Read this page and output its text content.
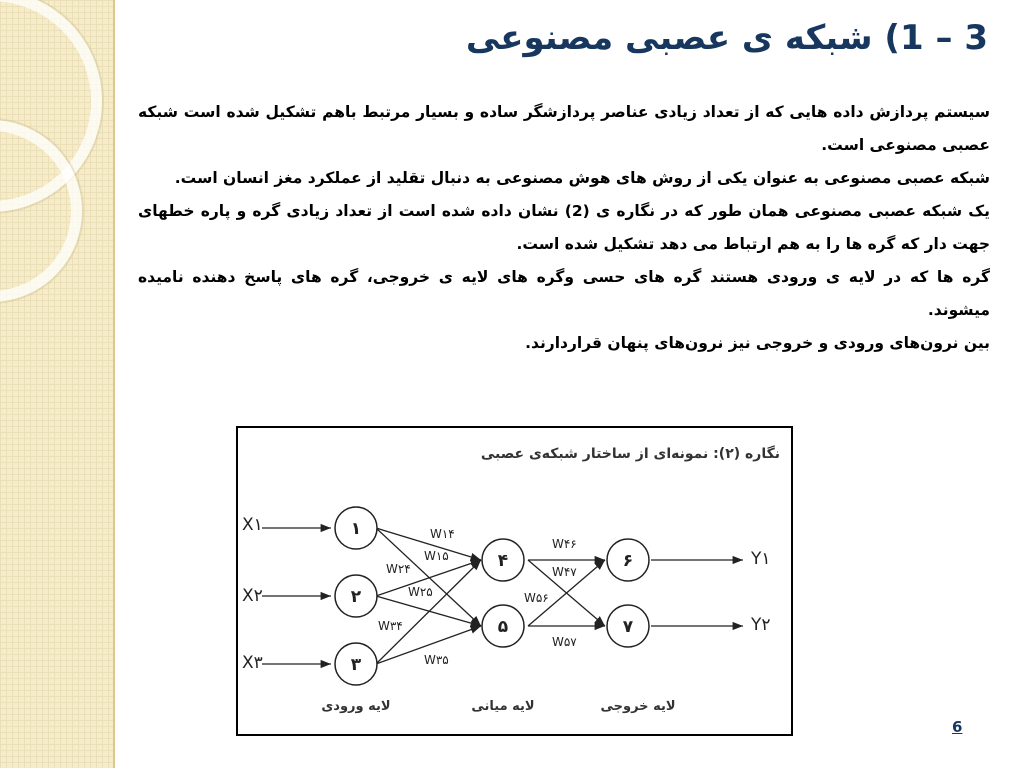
3 – 1) شبکه ی عصبی مصنوعی

سیستم پردازش داده هایی که از تعداد زیادی عناصر پردازشگر ساده و بسیار مرتبط باهم تشکیل شده است شبکه عصبی مصنوعی است.

شبکه عصبی مصنوعی به عنوان یکی از روش های هوش مصنوعی به دنبال تقلید از عملکرد مغز انسان است.

یک شبکه عصبی مصنوعی همان طور که در نگاره ی (2) نشان داده شده است از تعداد زیادی گره و پاره خطهای جهت دار که گره ها را به هم ارتباط می دهد تشکیل شده است.

گره ها که در لایه ی ورودی هستند گره های حسی وگره های لایه ی خروجی، گره های پاسخ دهنده نامیده میشوند.

بین نرون‌های ورودی و خروجی نیز نرون‌های پنهان قراردارند.

نگاره (۲): نمونه‌ای از ساختار شبکه‌ی عصبی
X۱
X۲
X۳
Y۱
Y۲
۱
۲
۳
۴
۵
۶
۷
W۱۴
W۱۵
W۲۴
W۲۵
W۳۴
W۳۵
W۴۶
W۴۷
W۵۶
W۵۷
لایه ورودی	لایه میانی	لایه خروجی
6
